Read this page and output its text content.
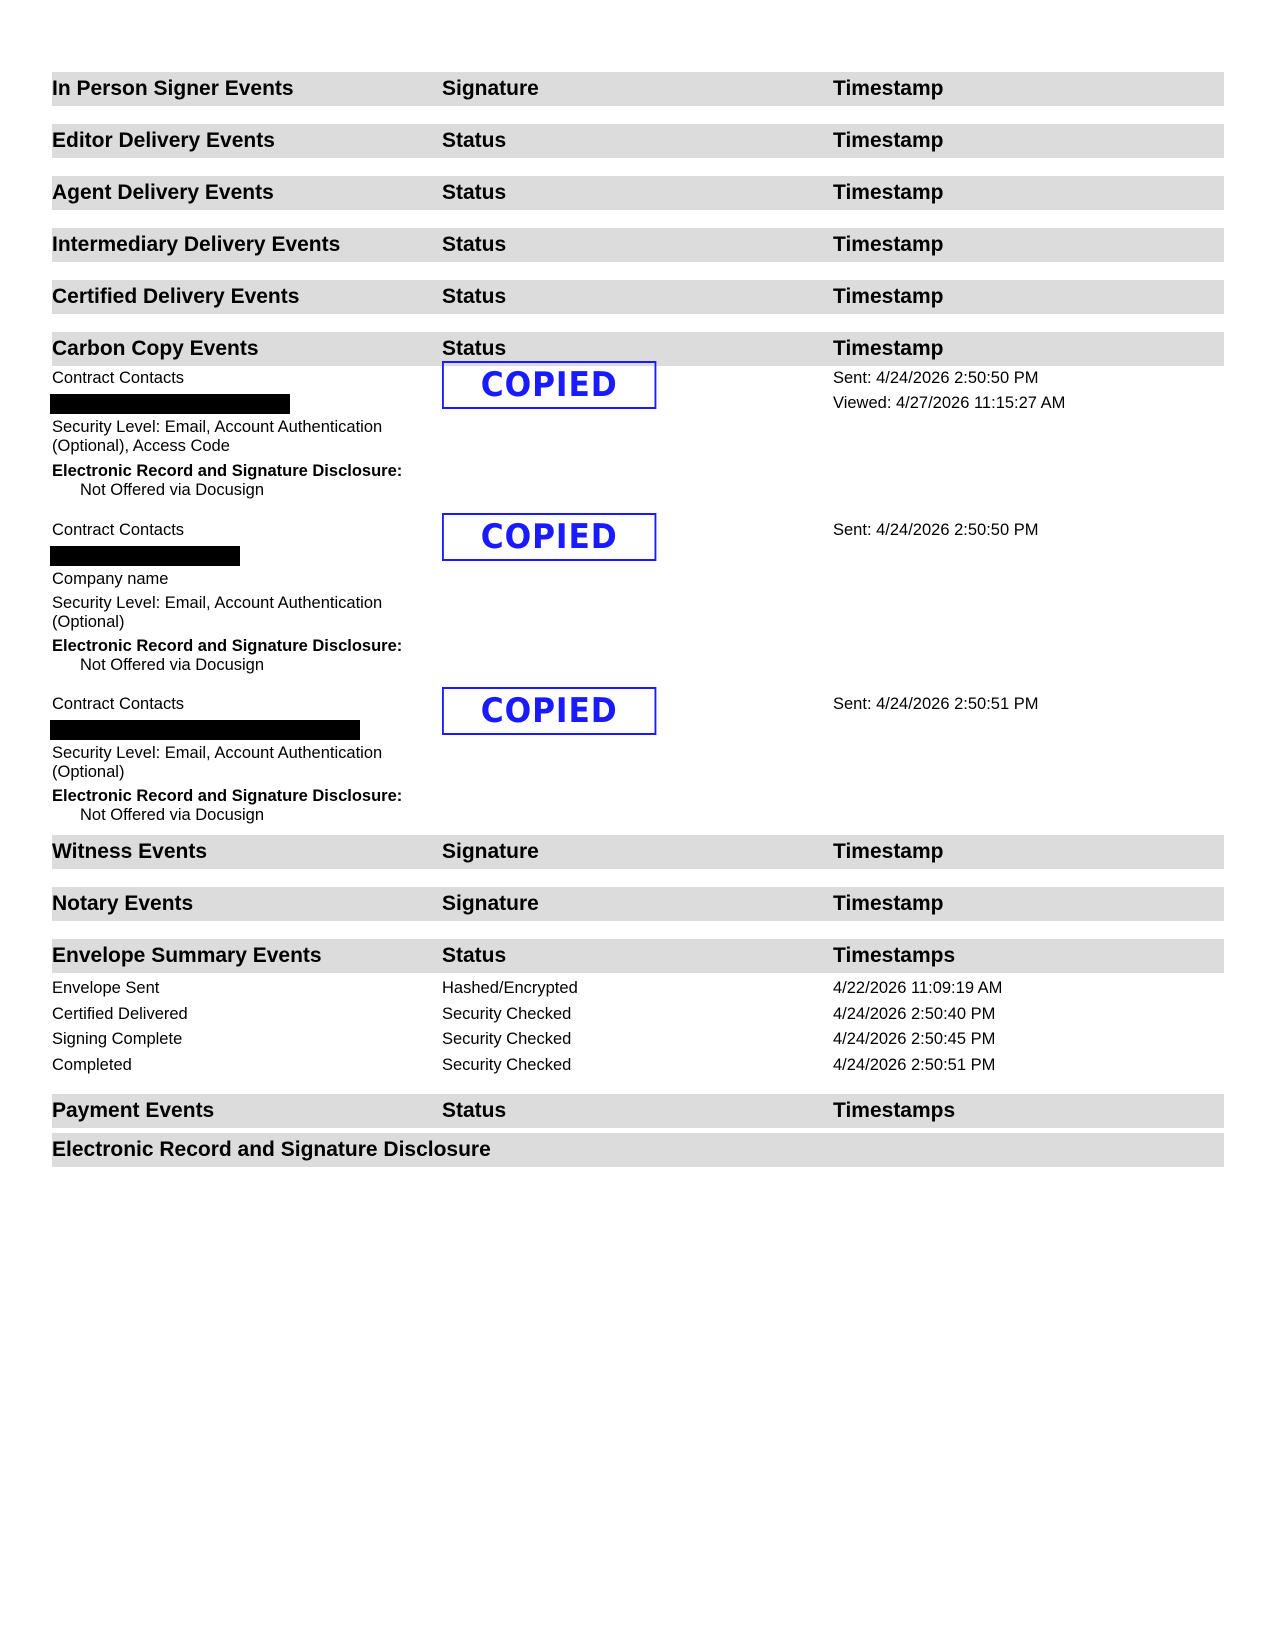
In Person Signer Events	Signature	Timestamp
Editor Delivery Events	Status	Timestamp
Agent Delivery Events	Status	Timestamp
Intermediary Delivery Events	Status	Timestamp
Certified Delivery Events	Status	Timestamp
Carbon Copy Events	Status	Timestamp
Contract Contacts
Security Level: Email, Account Authentication
(Optional), Access Code
Electronic Record and Signature Disclosure:
Not Offered via Docusign
COPIED	Sent: 4/24/2026 2:50:50 PM
Viewed: 4/27/2026 11:15:27 AM
Contract Contacts
Company name
Security Level: Email, Account Authentication
(Optional)
Electronic Record and Signature Disclosure:
Not Offered via Docusign
COPIED	Sent: 4/24/2026 2:50:50 PM
Contract Contacts
Security Level: Email, Account Authentication
(Optional)
Electronic Record and Signature Disclosure:
Not Offered via Docusign
COPIED	Sent: 4/24/2026 2:50:51 PM
Witness Events	Signature	Timestamp
Notary Events	Signature	Timestamp
Envelope Summary Events	Status	Timestamps
Envelope Sent	Hashed/Encrypted	4/22/2026 11:09:19 AM
Certified Delivered	Security Checked	4/24/2026 2:50:40 PM
Signing Complete	Security Checked	4/24/2026 2:50:45 PM
Completed	Security Checked	4/24/2026 2:50:51 PM
Payment Events	Status	Timestamps
Electronic Record and Signature Disclosure
